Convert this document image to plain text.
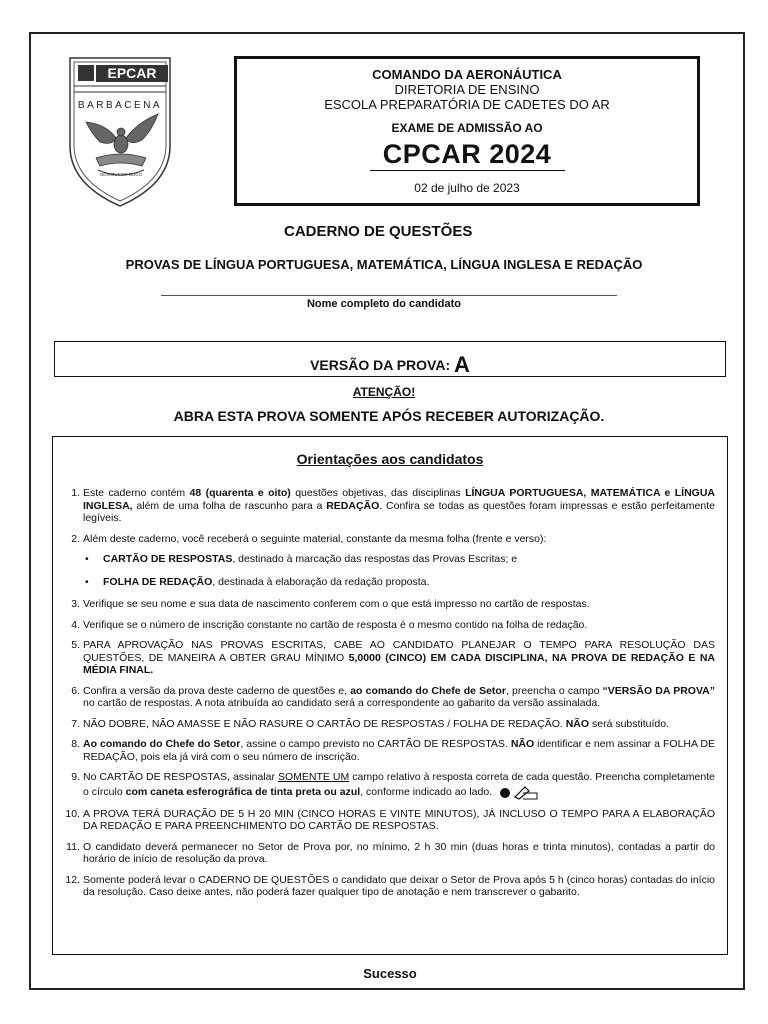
EPCAR
BARBACENA
NON DUCOR DUCO
COMANDO DA AERONÁUTICA
DIRETORIA DE ENSINO
ESCOLA PREPARATÓRIA DE CADETES DO AR
EXAME DE ADMISSÃO AO
CPCAR 2024
02 de julho de 2023
CADERNO DE QUESTÕES
PROVAS DE LÍNGUA PORTUGUESA, MATEMÁTICA, LÍNGUA INGLESA E REDAÇÃO
Nome completo do candidato
VERSÃO DA PROVA: A
ATENÇÃO!
ABRA ESTA PROVA SOMENTE APÓS RECEBER AUTORIZAÇÃO.
Orientações aos candidatos
1. Este caderno contém 48 (quarenta e oito) questões objetivas, das disciplinas LÍNGUA PORTUGUESA, MATEMÁTICA e LÍNGUA INGLESA, além de uma folha de rascunho para a REDAÇÃO. Confira se todas as questões foram impressas e estão perfeitamente legíveis.
2. Além deste caderno, você receberá o seguinte material, constante da mesma folha (frente e verso):
• CARTÃO DE RESPOSTAS, destinado à marcação das respostas das Provas Escritas; e
• FOLHA DE REDAÇÃO, destinada à elaboração da redação proposta.
3. Verifique se seu nome e sua data de nascimento conferem com o que está impresso no cartão de respostas.
4. Verifique se o número de inscrição constante no cartão de resposta é o mesmo contido na folha de redação.
5. PARA APROVAÇÃO NAS PROVAS ESCRITAS, CABE AO CANDIDATO PLANEJAR O TEMPO PARA RESOLUÇÃO DAS QUESTÕES, DE MANEIRA A OBTER GRAU MÍNIMO 5,0000 (CINCO) EM CADA DISCIPLINA, NA PROVA DE REDAÇÃO E NA MÉDIA FINAL.
6. Confira a versão da prova deste caderno de questões e, ao comando do Chefe de Setor, preencha o campo “VERSÃO DA PROVA” no cartão de respostas. A nota atribuída ao candidato será a correspondente ao gabarito da versão assinalada.
7. NÃO DOBRE, NÃO AMASSE E NÃO RASURE O CARTÃO DE RESPOSTAS / FOLHA DE REDAÇÃO. NÃO será substituído.
8. Ao comando do Chefe do Setor, assine o campo previsto no CARTÃO DE RESPOSTAS. NÃO identificar e nem assinar a FOLHA DE REDAÇÃO, pois ela já virá com o seu número de inscrição.
9. No CARTÃO DE RESPOSTAS, assinalar SOMENTE UM campo relativo à resposta correta de cada questão. Preencha completamente o círculo com caneta esferográfica de tinta preta ou azul, conforme indicado ao lado.
10. A PROVA TERÁ DURAÇÃO DE 5 H 20 MIN (CINCO HORAS E VINTE MINUTOS), JÁ INCLUSO O TEMPO PARA A ELABORAÇÃO DA REDAÇÃO E PARA PREENCHIMENTO DO CARTÃO DE RESPOSTAS.
11. O candidato deverá permanecer no Setor de Prova por, no mínimo, 2 h 30 min (duas horas e trinta minutos), contadas a partir do horário de início de resolução da prova.
12. Somente poderá levar o CADERNO DE QUESTÕES o candidato que deixar o Setor de Prova após 5 h (cinco horas) contadas do início da resolução. Caso deixe antes, não poderá fazer qualquer tipo de anotação e nem transcrever o gabarito.
Sucesso
